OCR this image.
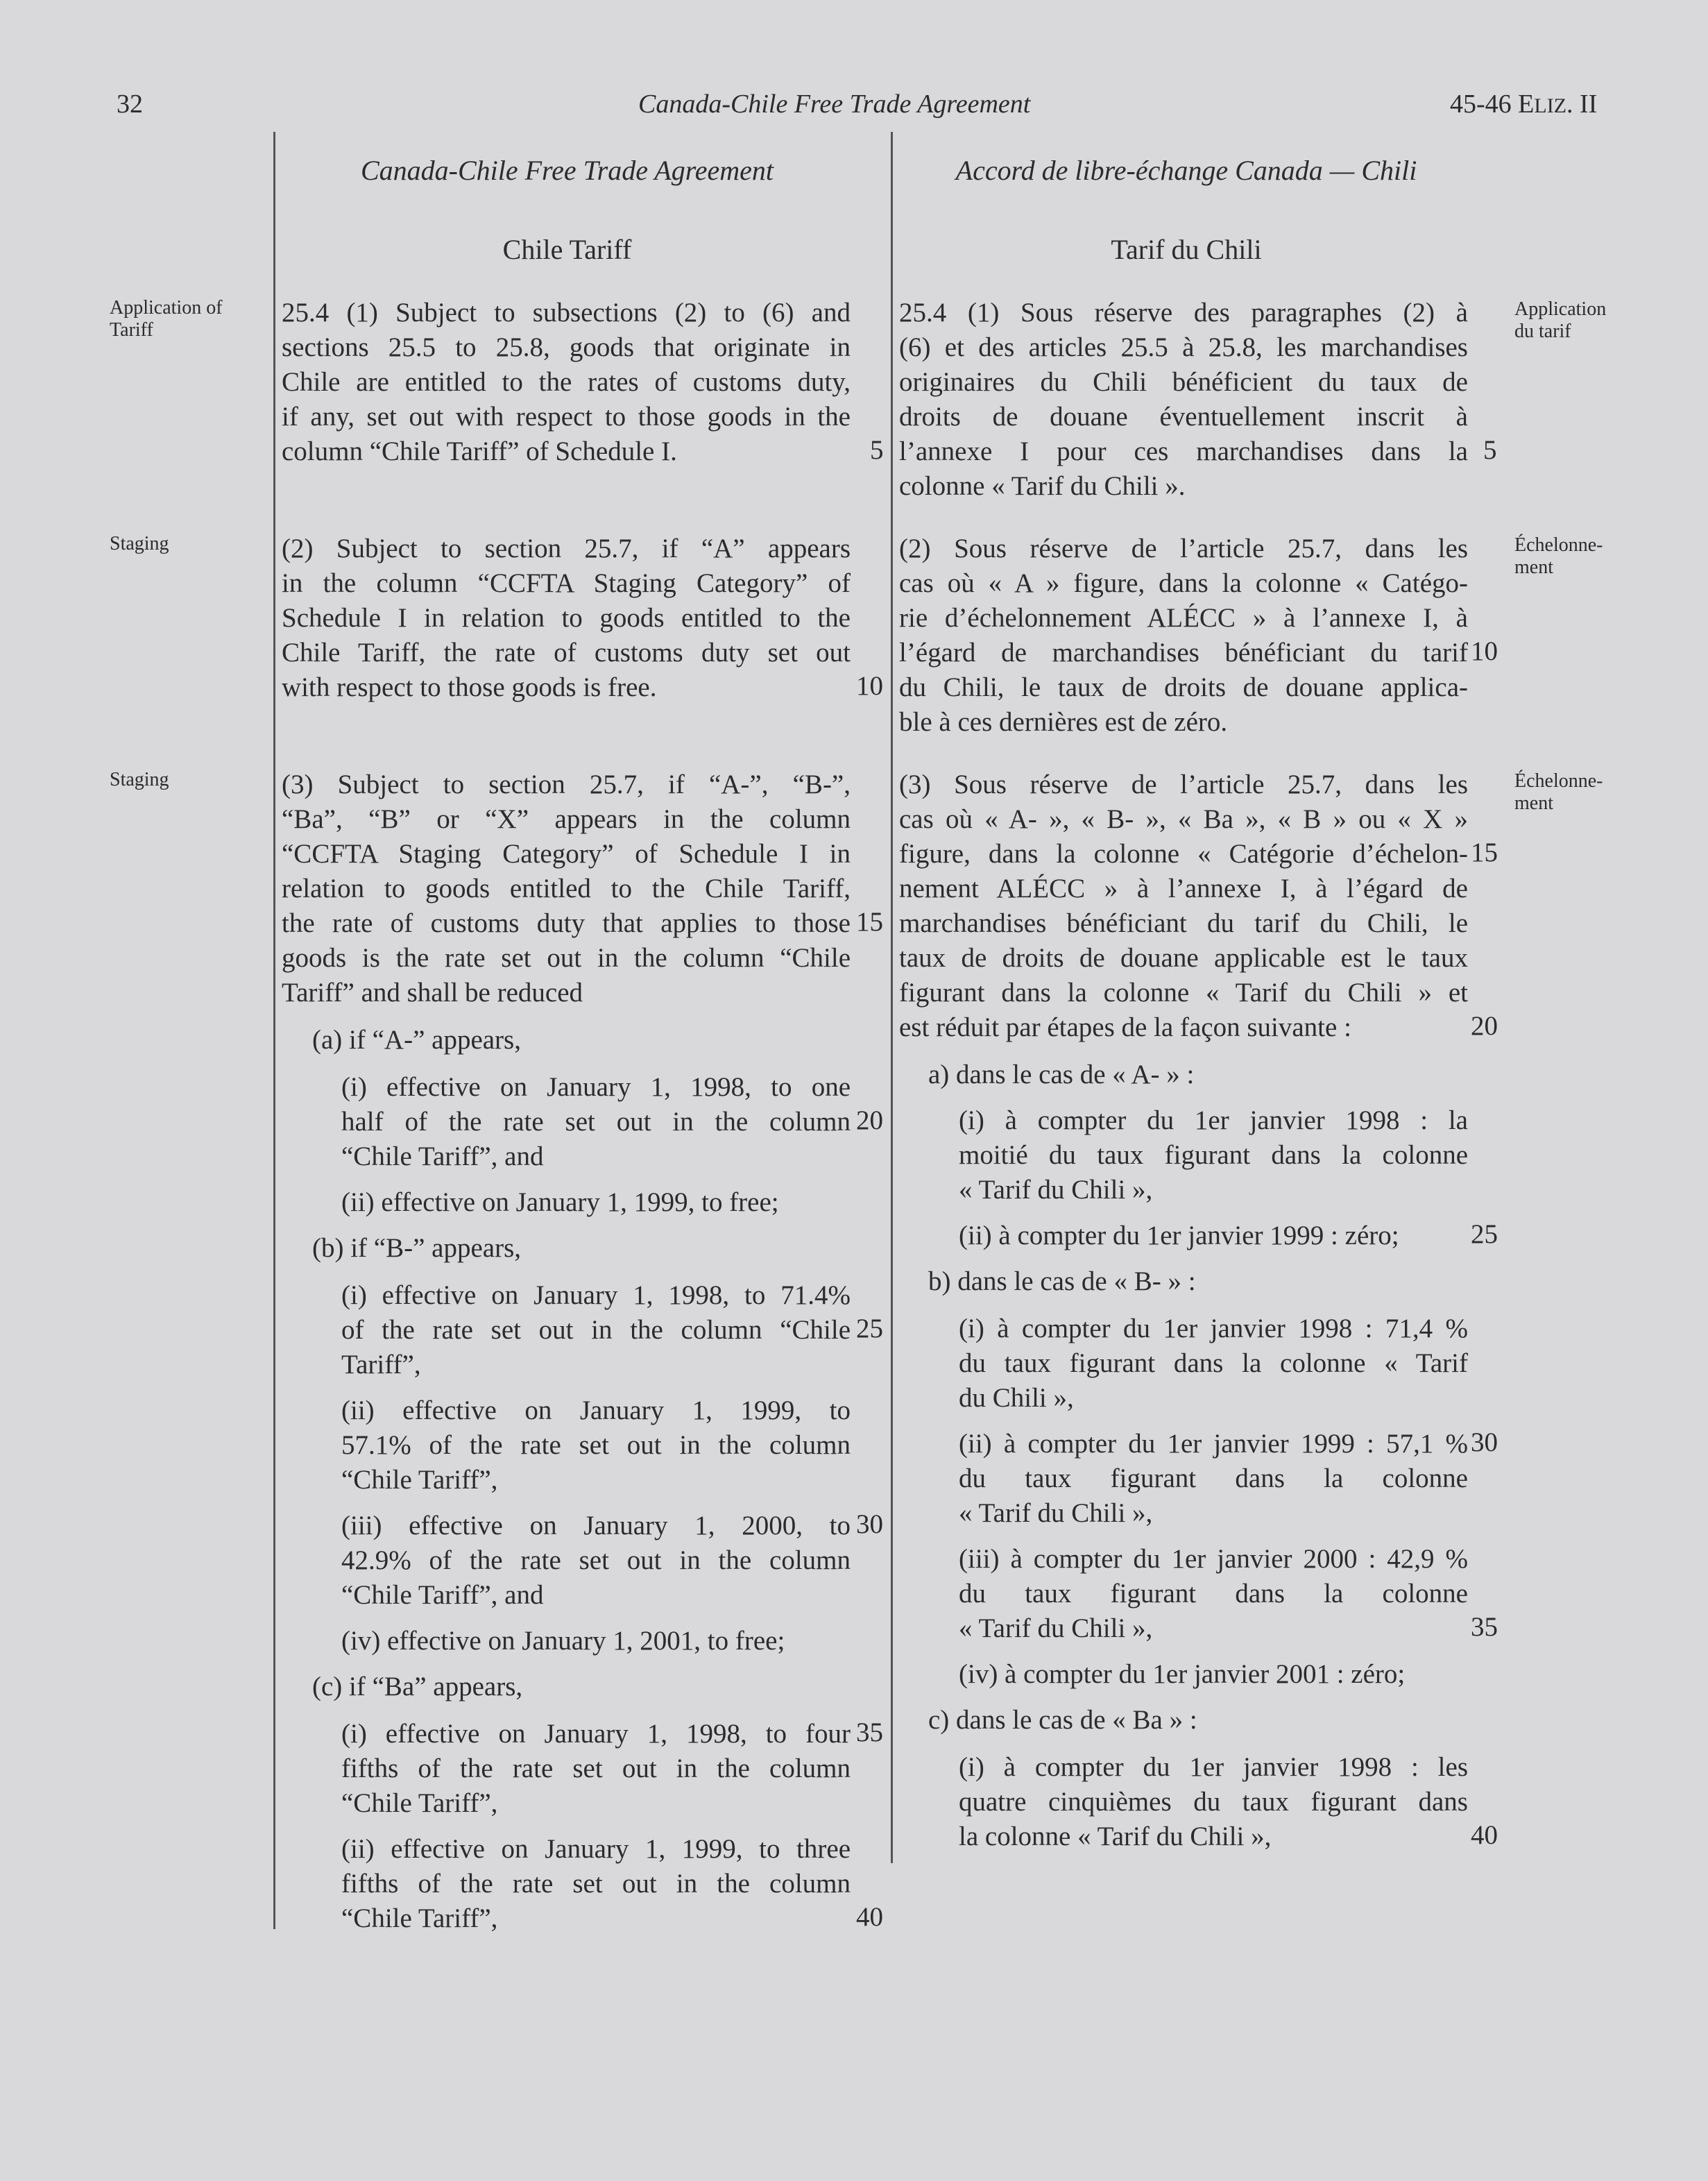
32	Canada-Chile Free Trade Agreement	45-46 ELIZ. II
Canada-Chile Free Trade Agreement	Accord de libre-échange Canada — Chili
Chile Tariff	Tarif du Chili
Application of
Tariff
Staging
Staging
Application
du tarif
Échelonne-
ment
Échelonne-
ment
25.4 (1) Subject to subsections (2) to (6) and
sections 25.5 to 25.8, goods that originate in
Chile are entitled to the rates of customs duty,
if any, set out with respect to those goods in the
column “Chile Tariff” of Schedule I.
(2) Subject to section 25.7, if “A” appears
in the column “CCFTA Staging Category” of
Schedule I in relation to goods entitled to the
Chile Tariff, the rate of customs duty set out
with respect to those goods is free.
(3) Subject to section 25.7, if “A-”, “B-”,
“Ba”, “B” or “X” appears in the column
“CCFTA Staging Category” of Schedule I in
relation to goods entitled to the Chile Tariff,
the rate of customs duty that applies to those
goods is the rate set out in the column “Chile
Tariff” and shall be reduced
(a) if “A-” appears,
(i) effective on January 1, 1998, to one
half of the rate set out in the column
“Chile Tariff”, and
(ii) effective on January 1, 1999, to free;
(b) if “B-” appears,
(i) effective on January 1, 1998, to 71.4%
of the rate set out in the column “Chile
Tariff”,
(ii) effective on January 1, 1999, to
57.1% of the rate set out in the column
“Chile Tariff”,
(iii) effective on January 1, 2000, to
42.9% of the rate set out in the column
“Chile Tariff”, and
(iv) effective on January 1, 2001, to free;
(c) if “Ba” appears,
(i) effective on January 1, 1998, to four
fifths of the rate set out in the column
“Chile Tariff”,
(ii) effective on January 1, 1999, to three
fifths of the rate set out in the column
“Chile Tariff”,
5
10
15
20
25
30
35
40
25.4 (1) Sous réserve des paragraphes (2) à
(6) et des articles 25.5 à 25.8, les marchandises
originaires du Chili bénéficient du taux de
droits de douane éventuellement inscrit à
l’annexe I pour ces marchandises dans la
colonne « Tarif du Chili ».
(2) Sous réserve de l’article 25.7, dans les
cas où « A » figure, dans la colonne « Catégo-
rie d’échelonnement ALÉCC » à l’annexe I, à
l’égard de marchandises bénéficiant du tarif
du Chili, le taux de droits de douane applica-
ble à ces dernières est de zéro.
(3) Sous réserve de l’article 25.7, dans les
cas où « A- », « B- », « Ba », « B » ou « X »
figure, dans la colonne « Catégorie d’échelon-
nement ALÉCC » à l’annexe I, à l’égard de
marchandises bénéficiant du tarif du Chili, le
taux de droits de douane applicable est le taux
figurant dans la colonne « Tarif du Chili » et
est réduit par étapes de la façon suivante :
a) dans le cas de « A- » :
(i) à compter du 1er janvier 1998 : la
moitié du taux figurant dans la colonne
« Tarif du Chili »,
(ii) à compter du 1er janvier 1999 : zéro;
b) dans le cas de « B- » :
(i) à compter du 1er janvier 1998 : 71,4 %
du taux figurant dans la colonne « Tarif
du Chili »,
(ii) à compter du 1er janvier 1999 : 57,1 %
du taux figurant dans la colonne
« Tarif du Chili »,
(iii) à compter du 1er janvier 2000 : 42,9 %
du taux figurant dans la colonne
« Tarif du Chili »,
(iv) à compter du 1er janvier 2001 : zéro;
c) dans le cas de « Ba » :
(i) à compter du 1er janvier 1998 : les
quatre cinquièmes du taux figurant dans
la colonne « Tarif du Chili »,
5
10
15
20
25
30
35
40
